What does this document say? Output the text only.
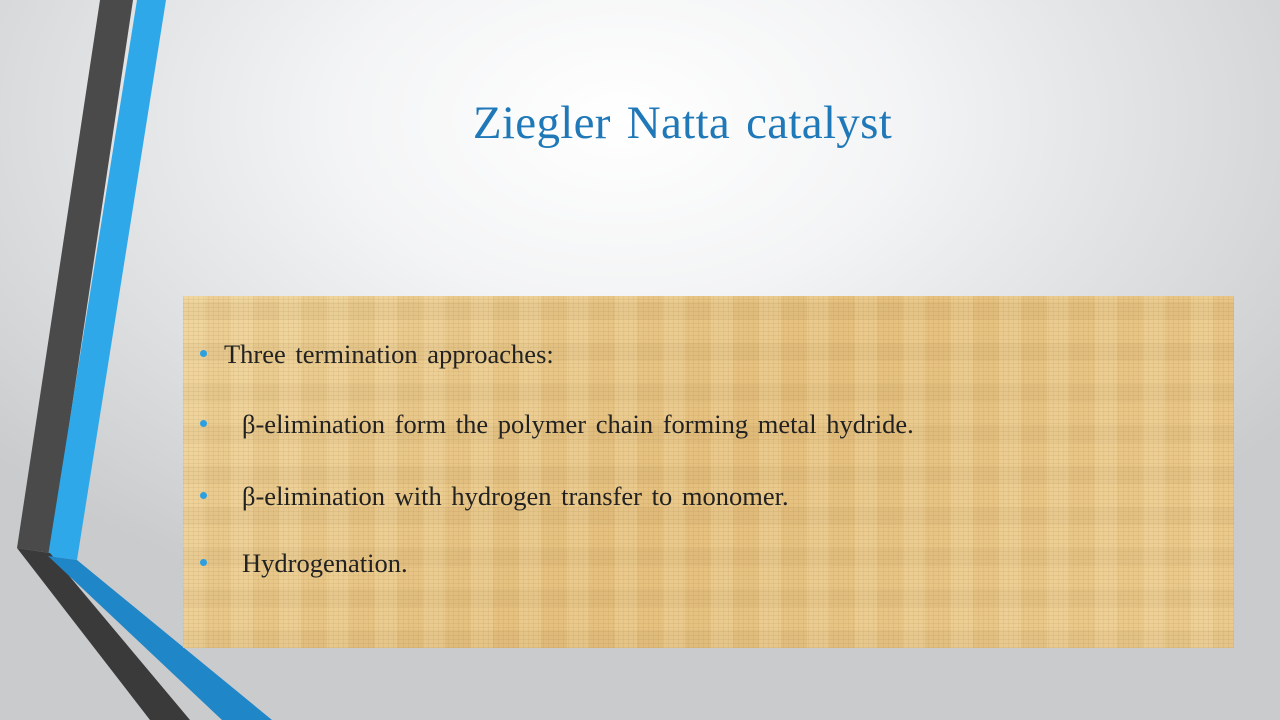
Ziegler Natta catalyst
Three termination approaches:
β-elimination form the polymer chain forming metal hydride.
β-elimination with hydrogen transfer to monomer.
Hydrogenation.
